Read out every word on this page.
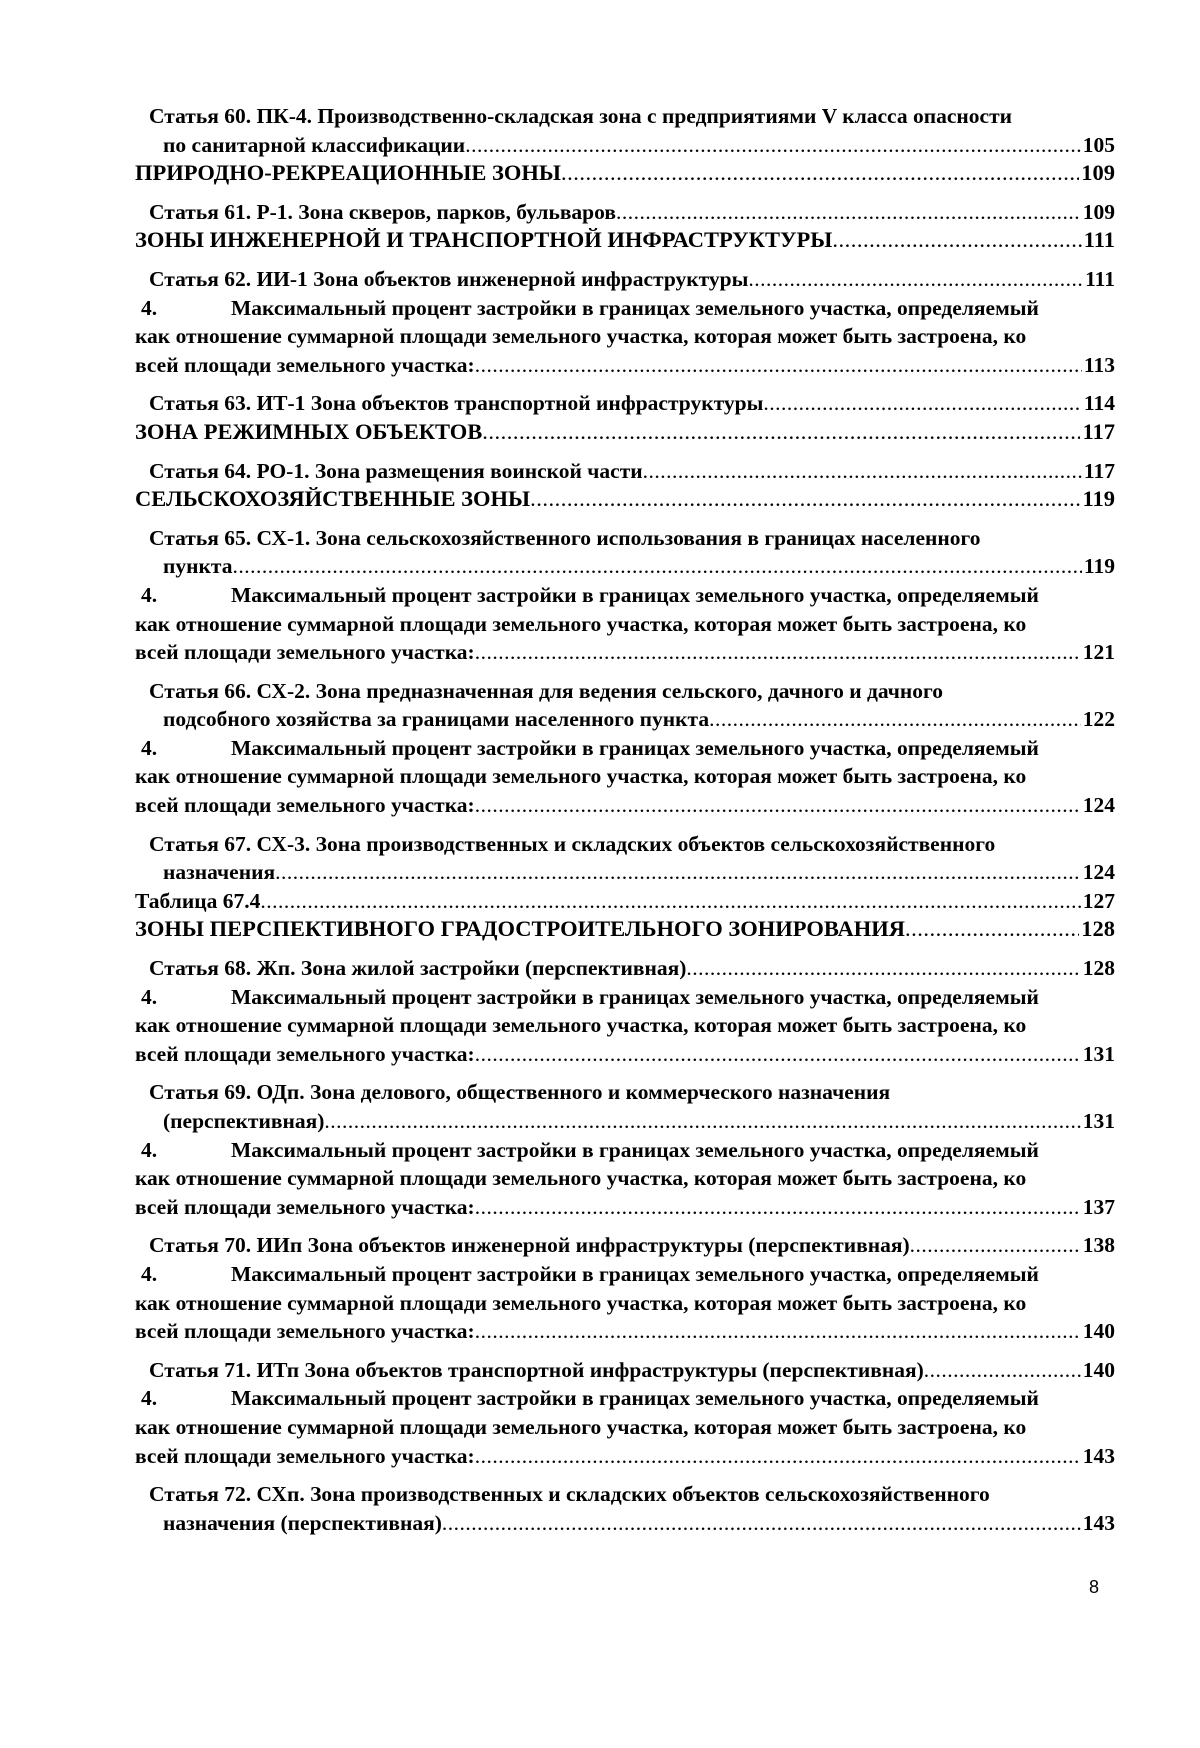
Статья 60. ПК-4. Производственно-складская зона с предприятиями V класса опасности
по санитарной классификации .....	105
ПРИРОДНО-РЕКРЕАЦИОННЫЕ ЗОНЫ .....	109
Статья 61. Р-1. Зона скверов, парков, бульваров .....	109
ЗОНЫ ИНЖЕНЕРНОЙ И ТРАНСПОРТНОЙ ИНФРАСТРУКТУРЫ .....	111
Статья 62. ИИ-1 Зона объектов инженерной инфраструктуры .....	111
4.	Максимальный процент застройки в границах земельного участка, определяемый
как отношение суммарной площади земельного участка, которая может быть застроена, ко
всей площади земельного участка: .....	113
Статья 63. ИТ-1 Зона объектов транспортной инфраструктуры .....	114
ЗОНА РЕЖИМНЫХ ОБЪЕКТОВ .....	117
Статья 64. РО-1. Зона размещения воинской части .....	117
СЕЛЬСКОХОЗЯЙСТВЕННЫЕ ЗОНЫ .....	119
Статья 65. СХ-1. Зона сельскохозяйственного использования в границах населенного
пункта .....	119
4.	Максимальный процент застройки в границах земельного участка, определяемый
как отношение суммарной площади земельного участка, которая может быть застроена, ко
всей площади земельного участка: .....	121
Статья 66. СХ-2. Зона предназначенная для ведения сельского, дачного и дачного
подсобного хозяйства за границами населенного пункта .....	122
4.	Максимальный процент застройки в границах земельного участка, определяемый
как отношение суммарной площади земельного участка, которая может быть застроена, ко
всей площади земельного участка: .....	124
Статья 67. СХ-3. Зона производственных и складских объектов сельскохозяйственного
назначения .....	124
Таблица 67.4 .....	127
ЗОНЫ ПЕРСПЕКТИВНОГО ГРАДОСТРОИТЕЛЬНОГО ЗОНИРОВАНИЯ .....	128
Статья 68. Жп. Зона жилой застройки (перспективная) .....	128
4.	Максимальный процент застройки в границах земельного участка, определяемый
как отношение суммарной площади земельного участка, которая может быть застроена, ко
всей площади земельного участка: .....	131
Статья 69. ОДп. Зона делового, общественного и коммерческого назначения
(перспективная) .....	131
4.	Максимальный процент застройки в границах земельного участка, определяемый
как отношение суммарной площади земельного участка, которая может быть застроена, ко
всей площади земельного участка: .....	137
Статья 70. ИИп Зона объектов инженерной инфраструктуры (перспективная) .....	138
4.	Максимальный процент застройки в границах земельного участка, определяемый
как отношение суммарной площади земельного участка, которая может быть застроена, ко
всей площади земельного участка: .....	140
Статья 71. ИТп Зона объектов транспортной инфраструктуры (перспективная) .....	140
4.	Максимальный процент застройки в границах земельного участка, определяемый
как отношение суммарной площади земельного участка, которая может быть застроена, ко
всей площади земельного участка: .....	143
Статья 72. СХп. Зона производственных и складских объектов сельскохозяйственного
назначения (перспективная) .....	143
8
